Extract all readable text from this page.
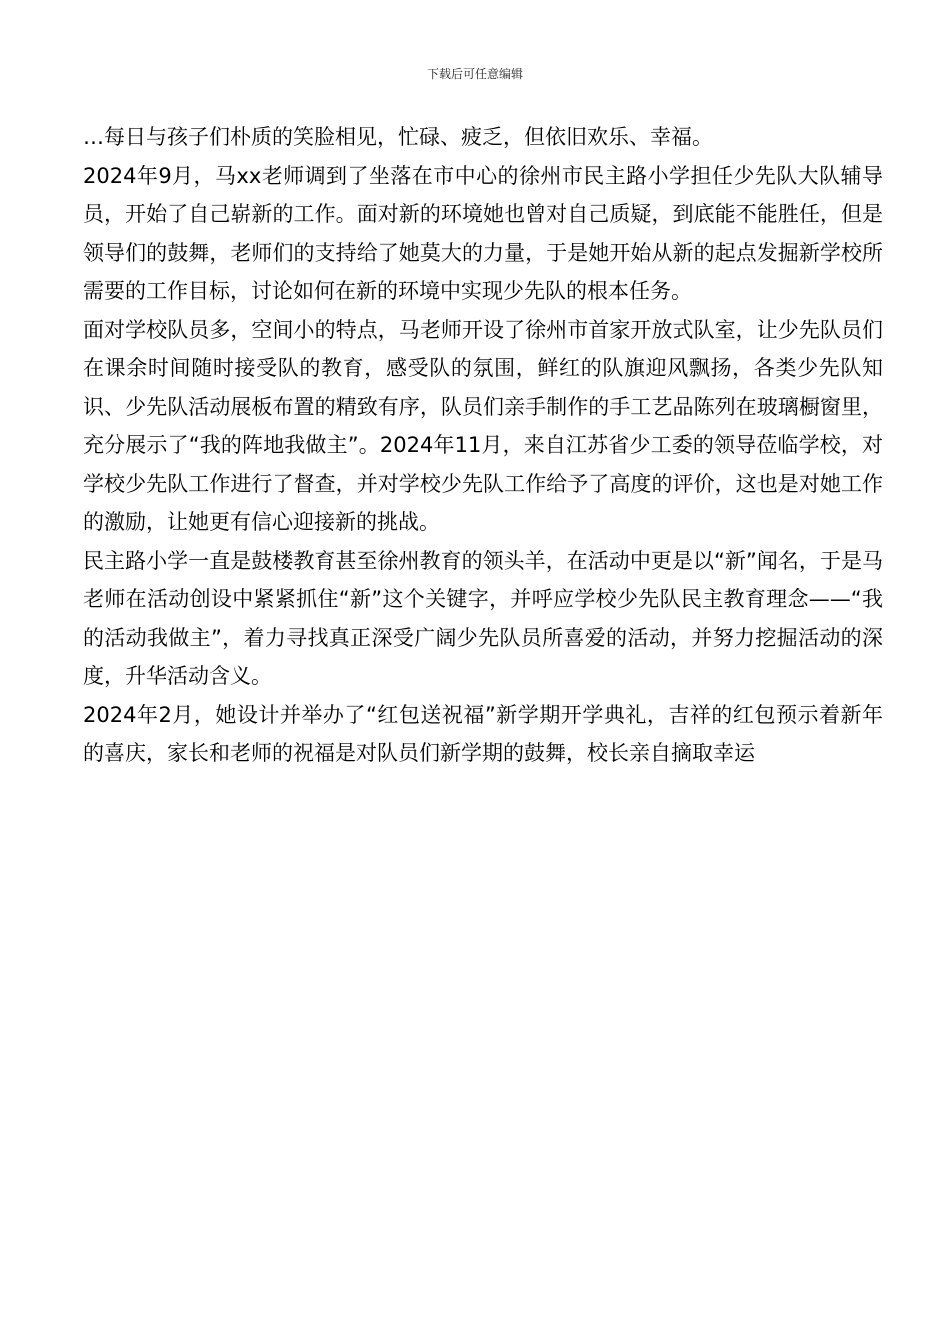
下载后可任意编辑

…每日与孩子们朴质的笑脸相见，忙碌、疲乏，但依旧欢乐、幸福。

2024年9月，马xx老师调到了坐落在市中心的徐州市民主路小学担任少先队大队辅导员，开始了自己崭新的工作。面对新的环境她也曾对自己质疑，到底能不能胜任，但是领导们的鼓舞，老师们的支持给了她莫大的力量，于是她开始从新的起点发掘新学校所需要的工作目标，讨论如何在新的环境中实现少先队的根本任务。

面对学校队员多，空间小的特点，马老师开设了徐州市首家开放式队室，让少先队员们在课余时间随时接受队的教育，感受队的氛围，鲜红的队旗迎风飘扬，各类少先队知识、少先队活动展板布置的精致有序，队员们亲手制作的手工艺品陈列在玻璃橱窗里，充分展示了“我的阵地我做主”。2024年11月，来自江苏省少工委的领导莅临学校，对学校少先队工作进行了督查，并对学校少先队工作给予了高度的评价，这也是对她工作的激励，让她更有信心迎接新的挑战。

民主路小学一直是鼓楼教育甚至徐州教育的领头羊，在活动中更是以“新”闻名，于是马老师在活动创设中紧紧抓住“新”这个关键字，并呼应学校少先队民主教育理念——“我的活动我做主”，着力寻找真正深受广阔少先队员所喜爱的活动，并努力挖掘活动的深度，升华活动含义。

2024年2月，她设计并举办了“红包送祝福”新学期开学典礼，吉祥的红包预示着新年的喜庆，家长和老师的祝福是对队员们新学期的鼓舞，校长亲自摘取幸运
